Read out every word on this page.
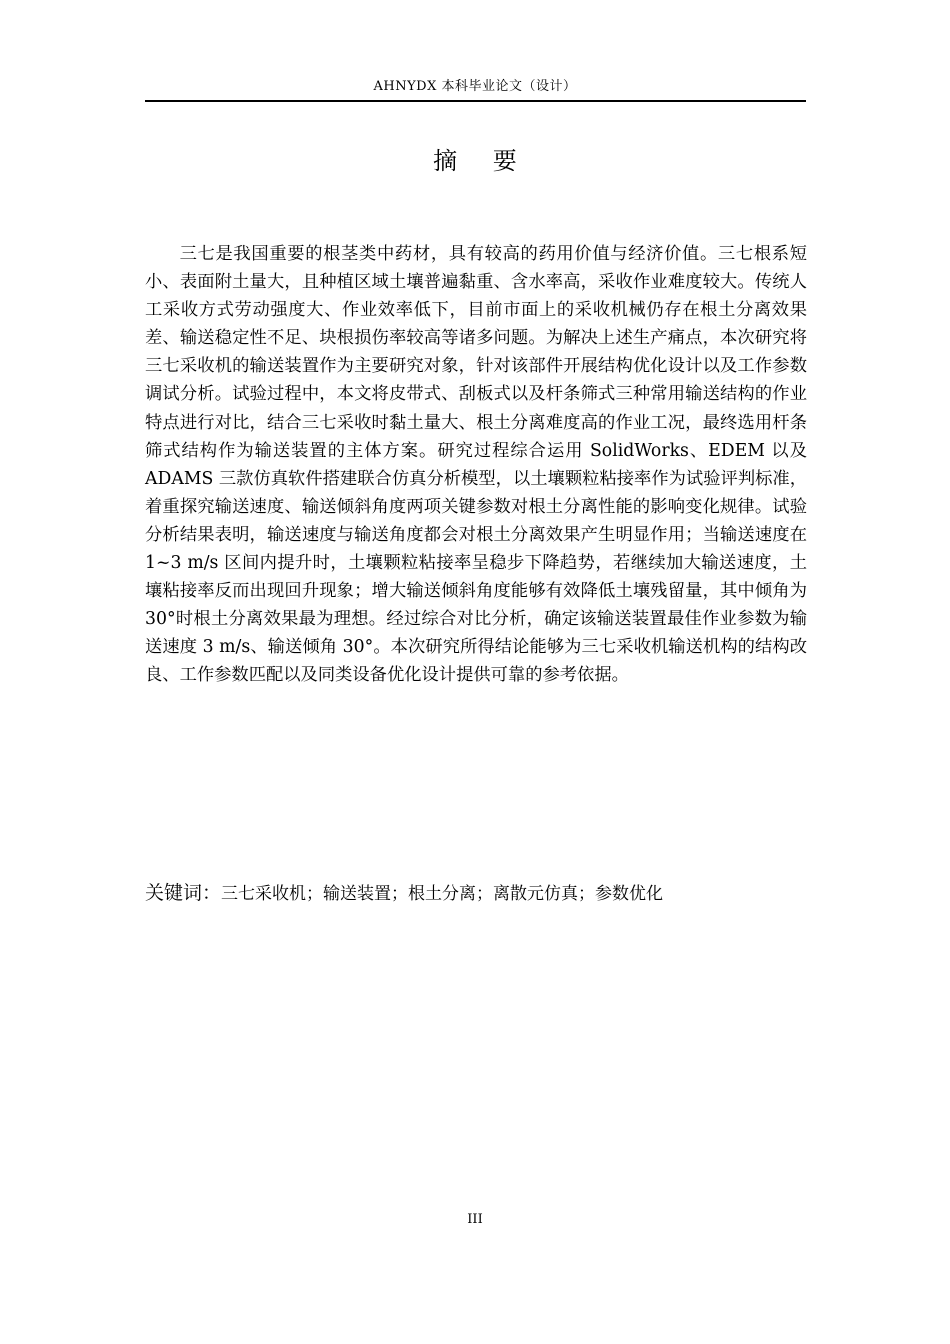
AHNYDX 本科毕业论文（设计）
摘 要

三七是我国重要的根茎类中药材，具有较高的药用价值与经济价值。三七根系短小、表面附土量大，且种植区域土壤普遍黏重、含水率高，采收作业难度较大。传统人工采收方式劳动强度大、作业效率低下，目前市面上的采收机械仍存在根土分离效果差、输送稳定性不足、块根损伤率较高等诸多问题。为解决上述生产痛点，本次研究将三七采收机的输送装置作为主要研究对象，针对该部件开展结构优化设计以及工作参数调试分析。试验过程中，本文将皮带式、刮板式以及杆条筛式三种常用输送结构的作业特点进行对比，结合三七采收时黏土量大、根土分离难度高的作业工况，最终选用杆条筛式结构作为输送装置的主体方案。研究过程综合运用 SolidWorks、EDEM 以及 ADAMS 三款仿真软件搭建联合仿真分析模型，以土壤颗粒粘接率作为试验评判标准，着重探究输送速度、输送倾斜角度两项关键参数对根土分离性能的影响变化规律。试验分析结果表明，输送速度与输送角度都会对根土分离效果产生明显作用；当输送速度在 1~3 m/s 区间内提升时，土壤颗粒粘接率呈稳步下降趋势，若继续加大输送速度，土壤粘接率反而出现回升现象；增大输送倾斜角度能够有效降低土壤残留量，其中倾角为 30°时根土分离效果最为理想。经过综合对比分析，确定该输送装置最佳作业参数为输送速度 3 m/s、输送倾角 30°。本次研究所得结论能够为三七采收机输送机构的结构改良、工作参数匹配以及同类设备优化设计提供可靠的参考依据。

关键词：三七采收机；输送装置；根土分离；离散元仿真；参数优化
III
